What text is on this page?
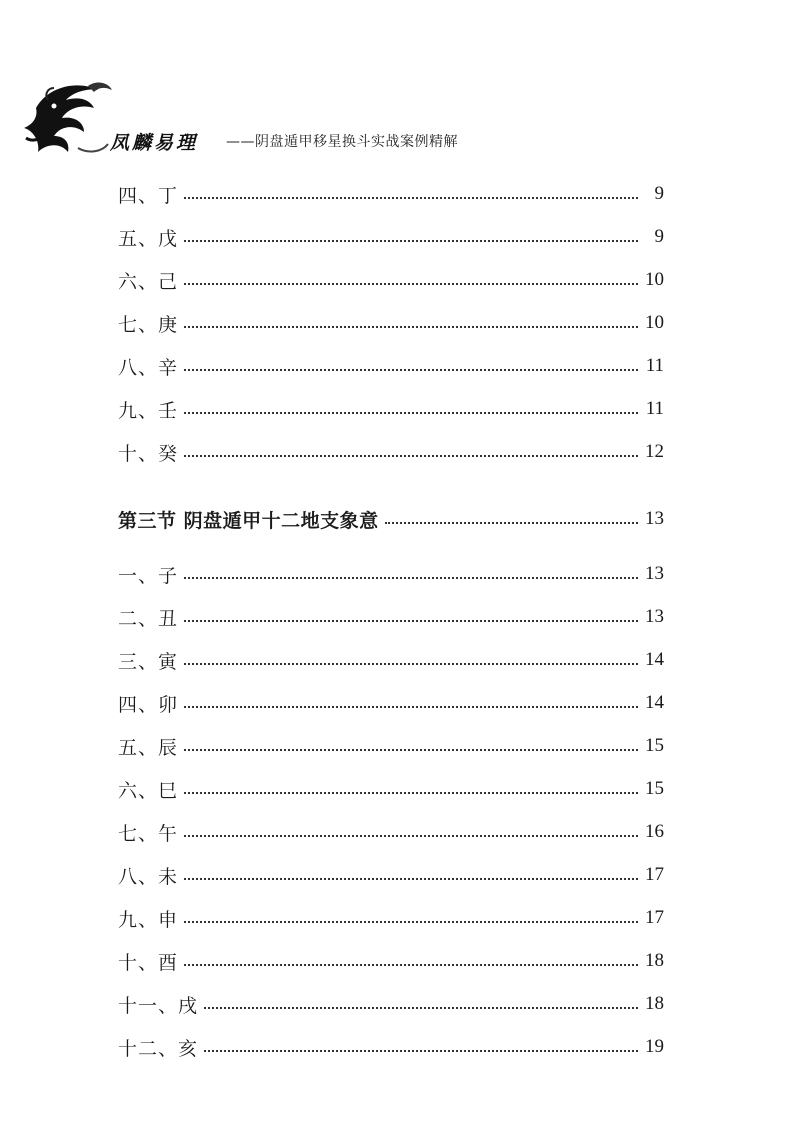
凤麟易理 ——阴盘遁甲移星换斗实战案例精解
四、丁	9
五、戊	9
六、己	10
七、庚	10
八、辛	11
九、壬	11
十、癸	12
第三节 阴盘遁甲十二地支象意	13
一、子	13
二、丑	13
三、寅	14
四、卯	14
五、辰	15
六、巳	15
七、午	16
八、未	17
九、申	17
十、酉	18
十一、戌	18
十二、亥	19
